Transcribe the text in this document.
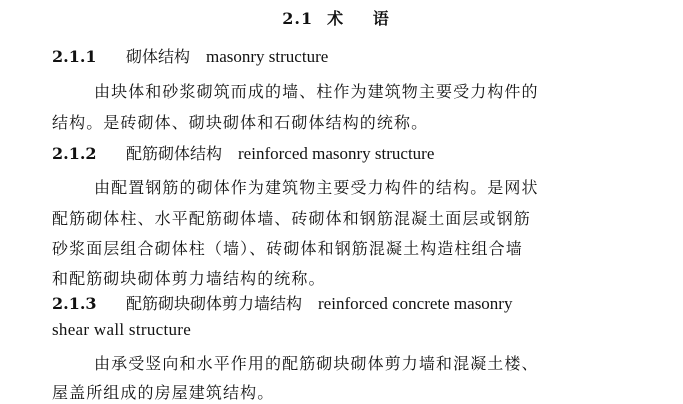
2.1 术 语
2.1.1 砌体结构 masonry structure
由块体和砂浆砌筑而成的墙、柱作为建筑物主要受力构件的
结构。是砖砌体、砌块砌体和石砌体结构的统称。
2.1.2 配筋砌体结构 reinforced masonry structure
由配置钢筋的砌体作为建筑物主要受力构件的结构。是网状
配筋砌体柱、水平配筋砌体墙、砖砌体和钢筋混凝土面层或钢筋
砂浆面层组合砌体柱（墙）、砖砌体和钢筋混凝土构造柱组合墙
和配筋砌块砌体剪力墙结构的统称。
2.1.3 配筋砌块砌体剪力墙结构 reinforced concrete masonry
shear wall structure
由承受竖向和水平作用的配筋砌块砌体剪力墙和混凝土楼、
屋盖所组成的房屋建筑结构。
